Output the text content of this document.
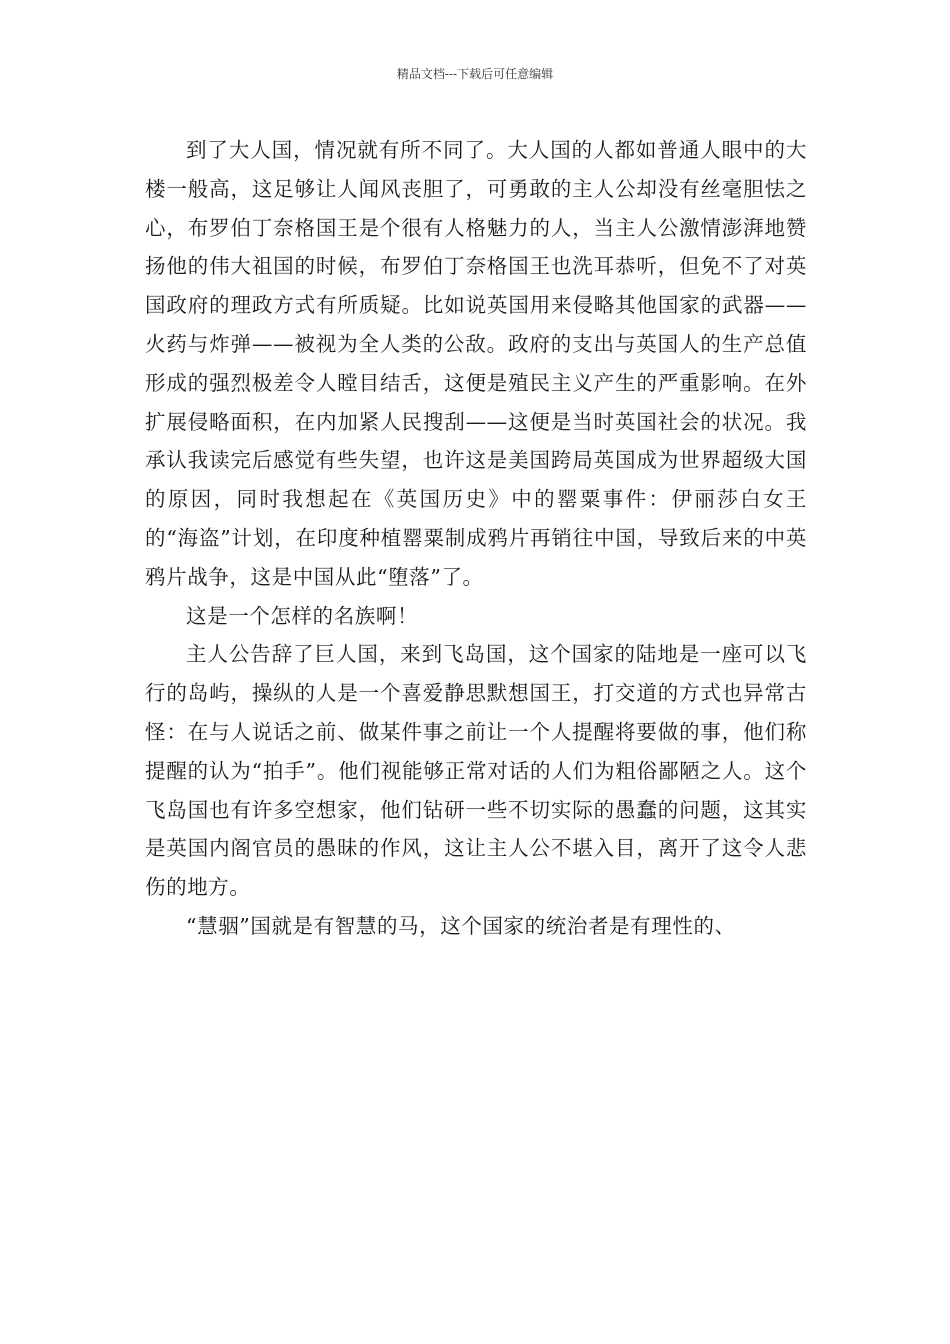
精品文档---下载后可任意编辑

到了大人国，情况就有所不同了。大人国的人都如普通人眼中的大楼一般高，这足够让人闻风丧胆了，可勇敢的主人公却没有丝毫胆怯之心，布罗伯丁奈格国王是个很有人格魅力的人，当主人公激情澎湃地赞扬他的伟大祖国的时候，布罗伯丁奈格国王也洗耳恭听，但免不了对英国政府的理政方式有所质疑。比如说英国用来侵略其他国家的武器——火药与炸弹——被视为全人类的公敌。政府的支出与英国人的生产总值形成的强烈极差令人瞠目结舌，这便是殖民主义产生的严重影响。在外扩展侵略面积，在内加紧人民搜刮——这便是当时英国社会的状况。我承认我读完后感觉有些失望，也许这是美国跨局英国成为世界超级大国的原因，同时我想起在《英国历史》中的罂粟事件：伊丽莎白女王的“海盗”计划，在印度种植罂粟制成鸦片再销往中国，导致后来的中英鸦片战争，这是中国从此“堕落”了。

这是一个怎样的名族啊！

主人公告辞了巨人国，来到飞岛国，这个国家的陆地是一座可以飞行的岛屿，操纵的人是一个喜爱静思默想国王，打交道的方式也异常古怪：在与人说话之前、做某件事之前让一个人提醒将要做的事，他们称提醒的认为“拍手”。他们视能够正常对话的人们为粗俗鄙陋之人。这个飞岛国也有许多空想家，他们钻研一些不切实际的愚蠢的问题，这其实是英国内阁官员的愚昧的作风，这让主人公不堪入目，离开了这令人悲伤的地方。

“慧骃”国就是有智慧的马，这个国家的统治者是有理性的、
